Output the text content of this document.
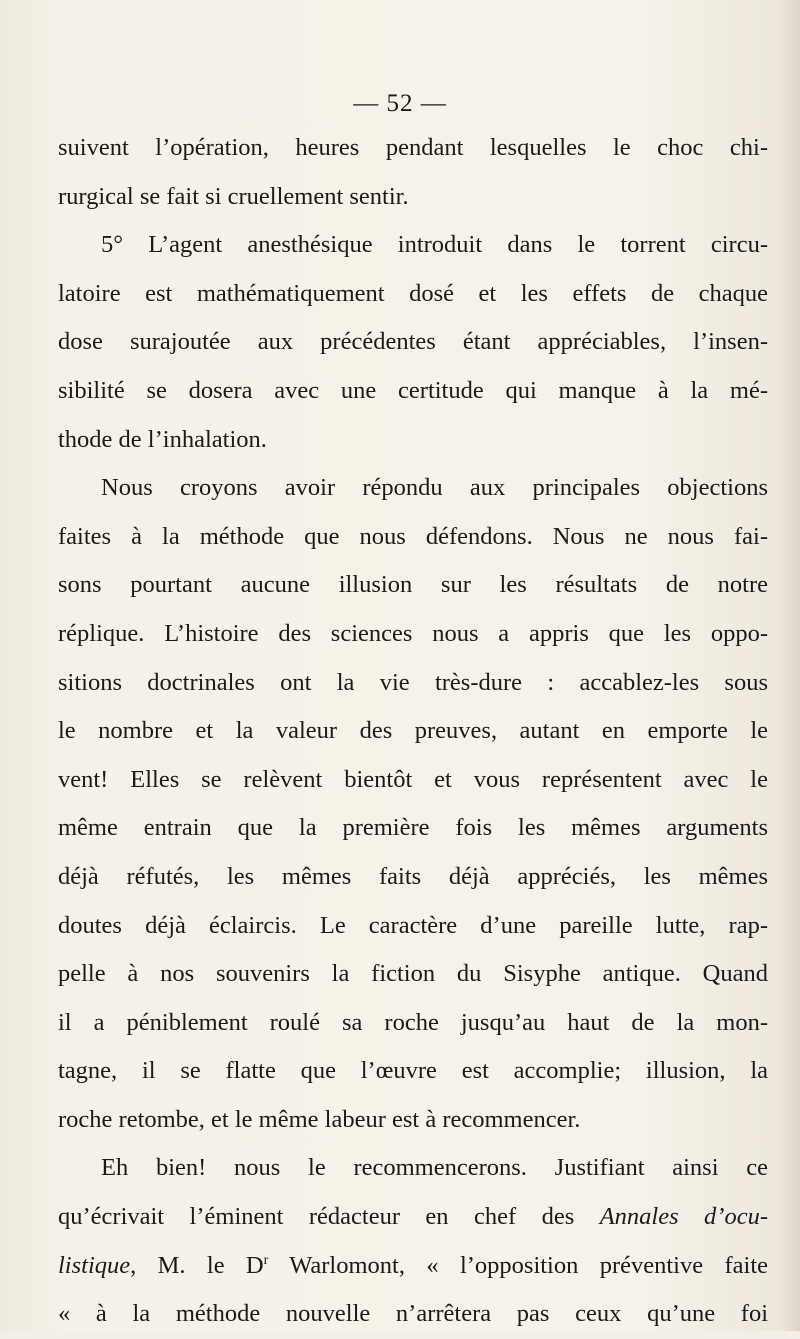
— 52 —
suivent l’opération, heures pendant lesquelles le choc chi-
rurgical se fait si cruellement sentir.
5° L’agent anesthésique introduit dans le torrent circu-
latoire est mathématiquement dosé et les effets de chaque
dose surajoutée aux précédentes étant appréciables, l’insen-
sibilité se dosera avec une certitude qui manque à la mé-
thode de l’inhalation.
Nous croyons avoir répondu aux principales objections
faites à la méthode que nous défendons. Nous ne nous fai-
sons pourtant aucune illusion sur les résultats de notre
réplique. L’histoire des sciences nous a appris que les oppo-
sitions doctrinales ont la vie très-dure : accablez-les sous
le nombre et la valeur des preuves, autant en emporte le
vent! Elles se relèvent bientôt et vous représentent avec le
même entrain que la première fois les mêmes arguments
déjà réfutés, les mêmes faits déjà appréciés, les mêmes
doutes déjà éclaircis. Le caractère d’une pareille lutte, rap-
pelle à nos souvenirs la fiction du Sisyphe antique. Quand
il a péniblement roulé sa roche jusqu’au haut de la mon-
tagne, il se flatte que l’œuvre est accomplie; illusion, la
roche retombe, et le même labeur est à recommencer.
Eh bien! nous le recommencerons. Justifiant ainsi ce
qu’écrivait l’éminent rédacteur en chef des Annales d’ocu-
listique, M. le $D^r$ Warlomont, « l’opposition préventive faite
« à la méthode nouvelle n’arrêtera pas ceux qu’une foi
